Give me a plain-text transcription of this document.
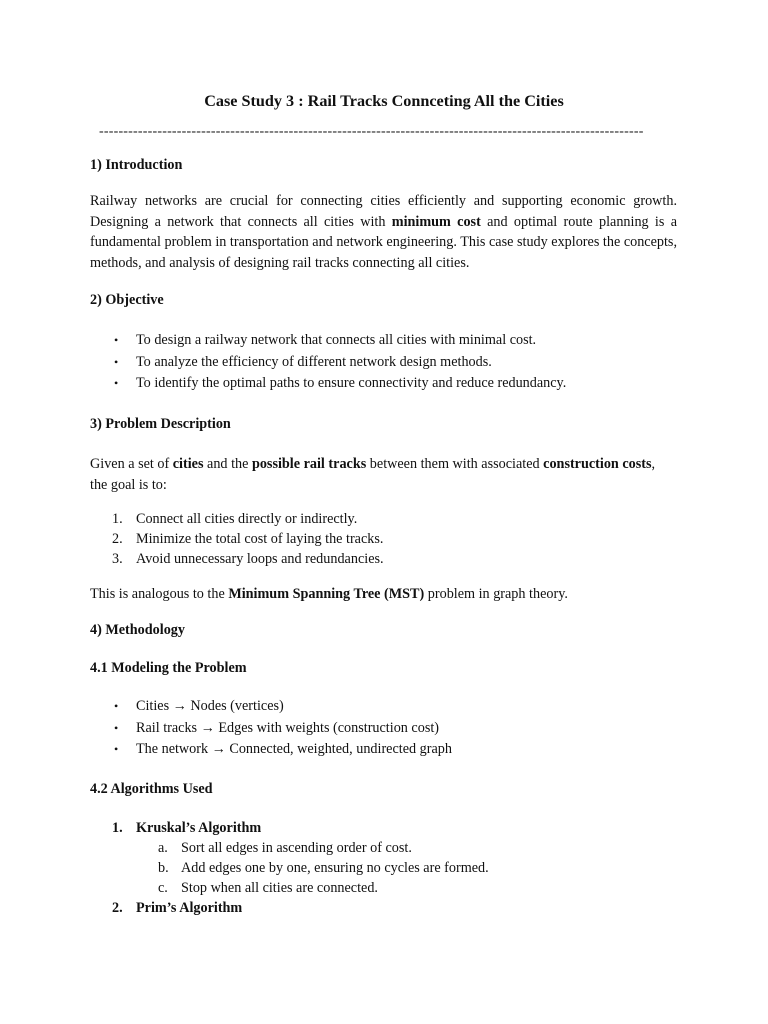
Case Study 3 : Rail Tracks Connceting All the Cities
----------------------------------------------------------------------------------------------------------------
1) Introduction
Railway networks are crucial for connecting cities efficiently and supporting economic growth. Designing a network that connects all cities with minimum cost and optimal route planning is a fundamental problem in transportation and network engineering. This case study explores the concepts, methods, and analysis of designing rail tracks connecting all cities.
2) Objective
• To design a railway network that connects all cities with minimal cost.
• To analyze the efficiency of different network design methods.
• To identify the optimal paths to ensure connectivity and reduce redundancy.
3) Problem Description
Given a set of cities and the possible rail tracks between them with associated construction costs,
the goal is to:
1. Connect all cities directly or indirectly.
2. Minimize the total cost of laying the tracks.
3. Avoid unnecessary loops and redundancies.
This is analogous to the Minimum Spanning Tree (MST) problem in graph theory.
4) Methodology
4.1 Modeling the Problem
• Cities → Nodes (vertices)
• Rail tracks → Edges with weights (construction cost)
• The network → Connected, weighted, undirected graph
4.2 Algorithms Used
1. Kruskal’s Algorithm
a. Sort all edges in ascending order of cost.
b. Add edges one by one, ensuring no cycles are formed.
c. Stop when all cities are connected.
2. Prim’s Algorithm
